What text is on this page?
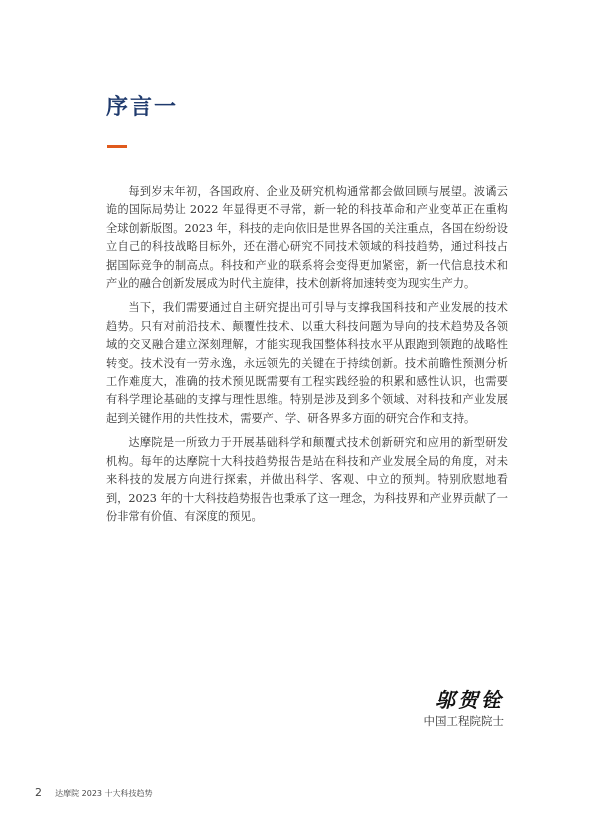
序言一

每到岁末年初，各国政府、企业及研究机构通常都会做回顾与展望。波谲云诡的国际局势让 2022 年显得更不寻常，新一轮的科技革命和产业变革正在重构全球创新版图。2023 年，科技的走向依旧是世界各国的关注重点，各国在纷纷设立自己的科技战略目标外，还在潜心研究不同技术领域的科技趋势，通过科技占据国际竞争的制高点。科技和产业的联系将会变得更加紧密，新一代信息技术和产业的融合创新发展成为时代主旋律，技术创新将加速转变为现实生产力。

当下，我们需要通过自主研究提出可引导与支撑我国科技和产业发展的技术趋势。只有对前沿技术、颠覆性技术、以重大科技问题为导向的技术趋势及各领域的交叉融合建立深刻理解，才能实现我国整体科技水平从跟跑到领跑的战略性转变。技术没有一劳永逸，永远领先的关键在于持续创新。技术前瞻性预测分析工作难度大，准确的技术预见既需要有工程实践经验的积累和感性认识，也需要有科学理论基础的支撑与理性思维。特别是涉及到多个领域、对科技和产业发展起到关键作用的共性技术，需要产、学、研各界多方面的研究合作和支持。

达摩院是一所致力于开展基础科学和颠覆式技术创新研究和应用的新型研发机构。每年的达摩院十大科技趋势报告是站在科技和产业发展全局的角度，对未来科技的发展方向进行探索，并做出科学、客观、中立的预判。特别欣慰地看到，2023 年的十大科技趋势报告也秉承了这一理念，为科技界和产业界贡献了一份非常有价值、有深度的预见。

邬贺铨
中国工程院院士
2 达摩院 2023 十大科技趋势
